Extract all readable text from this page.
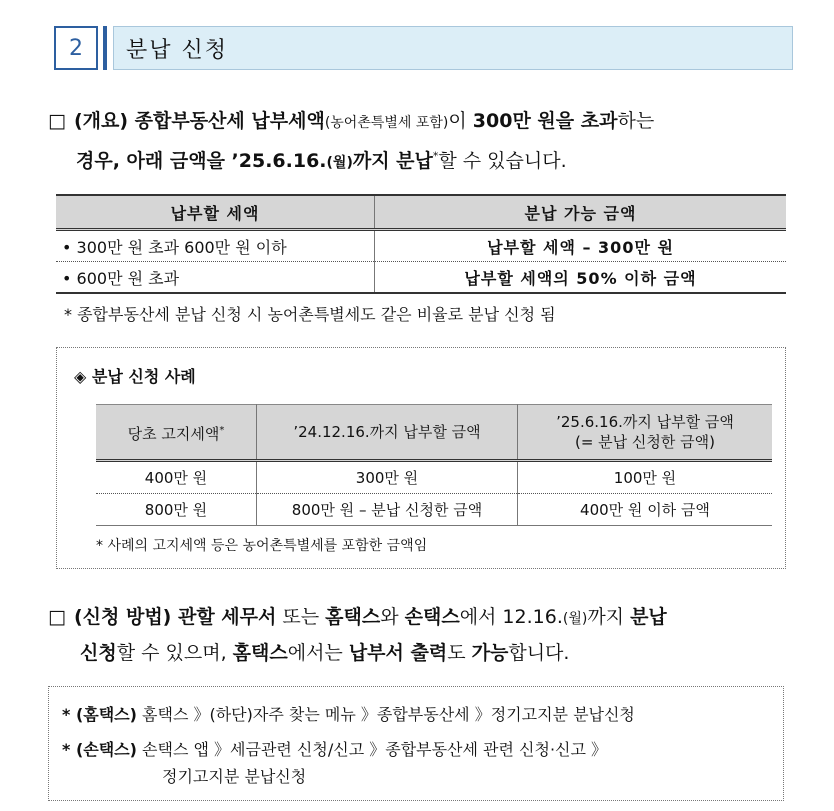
2	분납 신청
□ (개요) 종합부동산세 납부세액(농어촌특별세 포함)이 300만 원을 초과하는
경우, 아래 금액을 ’25.6.16.(월)까지 분납*할 수 있습니다.
납부할 세액	분납 가능 금액
• 300만 원 초과 600만 원 이하	납부할 세액 – 300만 원
• 600만 원 초과	납부할 세액의 50% 이하 금액
* 종합부동산세 분납 신청 시 농어촌특별세도 같은 비율로 분납 신청 됨
◈ 분납 신청 사례
당초 고지세액*	’24.12.16.까지 납부할 금액	’25.6.16.까지 납부할 금액
(= 분납 신청한 금액)
400만 원	300만 원	100만 원
800만 원	800만 원 – 분납 신청한 금액	400만 원 이하 금액
* 사례의 고지세액 등은 농어촌특별세를 포함한 금액임
□ (신청 방법) 관할 세무서 또는 홈택스와 손택스에서 12.16.(월)까지 분납
신청할 수 있으며, 홈택스에서는 납부서 출력도 가능합니다.
* (홈택스) 홈택스 》(하단)자주 찾는 메뉴 》종합부동산세 》정기고지분 분납신청
* (손택스) 손택스 앱 》세금관련 신청/신고 》종합부동산세 관련 신청·신고 》
정기고지분 분납신청
